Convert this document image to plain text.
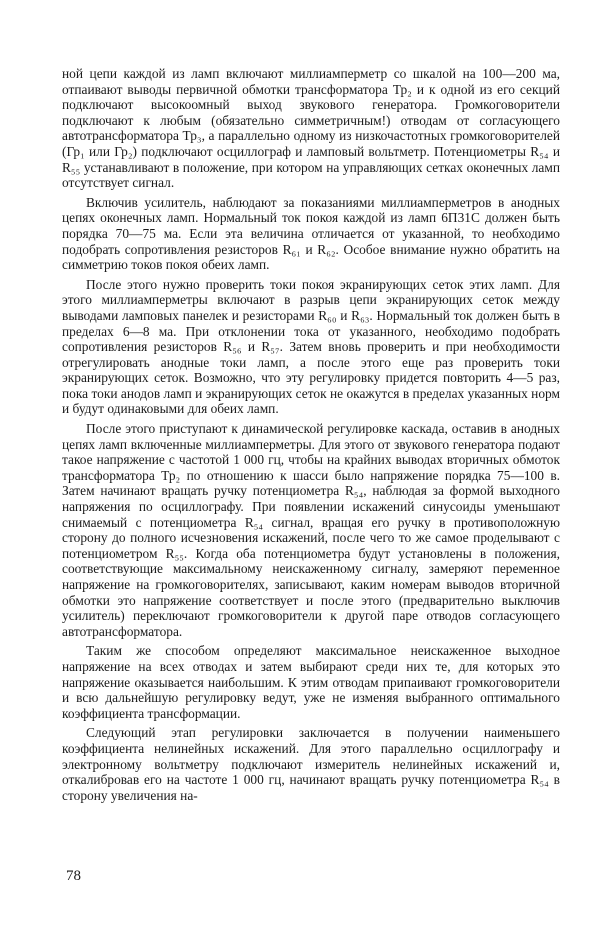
ной цепи каждой из ламп включают миллиамперметр со шкалой на 100—200 ма, отпаивают выводы первичной обмотки трансформатора Тр₂ и к одной из его секций подключают высокоомный выход звукового генератора. Громкоговорители подключают к любым (обязательно симметричным!) отводам от согласующего автотрансформатора Тр₃, а параллельно одному из низкочастотных громкоговорителей (Гр₁ или Гр₂) подключают осциллограф и ламповый вольтметр. Потенциометры R₅₄ и R₅₅ устанавливают в положение, при котором на управляющих сетках оконечных ламп отсутствует сигнал.

Включив усилитель, наблюдают за показаниями миллиамперметров в анодных цепях оконечных ламп. Нормальный ток покоя каждой из ламп 6П31С должен быть порядка 70—75 ма. Если эта величина отличается от указанной, то необходимо подобрать сопротивления резисторов R₆₁ и R₆₂. Особое внимание нужно обратить на симметрию токов покоя обеих ламп.

После этого нужно проверить токи покоя экранирующих сеток этих ламп. Для этого миллиамперметры включают в разрыв цепи экранирующих сеток между выводами ламповых панелек и резисторами R₆₀ и R₆₃. Нормальный ток должен быть в пределах 6—8 ма. При отклонении тока от указанного, необходимо подобрать сопротивления резисторов R₅₆ и R₅₇. Затем вновь проверить и при необходимости отрегулировать анодные токи ламп, а после этого еще раз проверить токи экранирующих сеток. Возможно, что эту регулировку придется повторить 4—5 раз, пока токи анодов ламп и экранирующих сеток не окажутся в пределах указанных норм и будут одинаковыми для обеих ламп.

После этого приступают к динамической регулировке каскада, оставив в анодных цепях ламп включенные миллиамперметры. Для этого от звукового генератора подают такое напряжение с частотой 1 000 гц, чтобы на крайних выводах вторичных обмоток трансформатора Тр₂ по отношению к шасси было напряжение порядка 75—100 в. Затем начинают вращать ручку потенциометра R₅₄, наблюдая за формой выходного напряжения по осциллографу. При появлении искажений синусоиды уменьшают снимаемый с потенциометра R₅₄ сигнал, вращая его ручку в противоположную сторону до полного исчезновения искажений, после чего то же самое проделывают с потенциометром R₅₅. Когда оба потенциометра будут установлены в положения, соответствующие максимальному неискаженному сигналу, замеряют переменное напряжение на громкоговорителях, записывают, каким номерам выводов вторичной обмотки это напряжение соответствует и после этого (предварительно выключив усилитель) переключают громкоговорители к другой паре отводов согласующего автотрансформатора.

Таким же способом определяют максимальное неискаженное выходное напряжение на всех отводах и затем выбирают среди них те, для которых это напряжение оказывается наибольшим. К этим отводам припаивают громкоговорители и всю дальнейшую регулировку ведут, уже не изменяя выбранного оптимального коэффициента трансформации.

Следующий этап регулировки заключается в получении наименьшего коэффициента нелинейных искажений. Для этого параллельно осциллографу и электронному вольтметру подключают измеритель нелинейных искажений и, откалибровав его на частоте 1 000 гц, начинают вращать ручку потенциометра R₅₄ в сторону увеличения на-

78
